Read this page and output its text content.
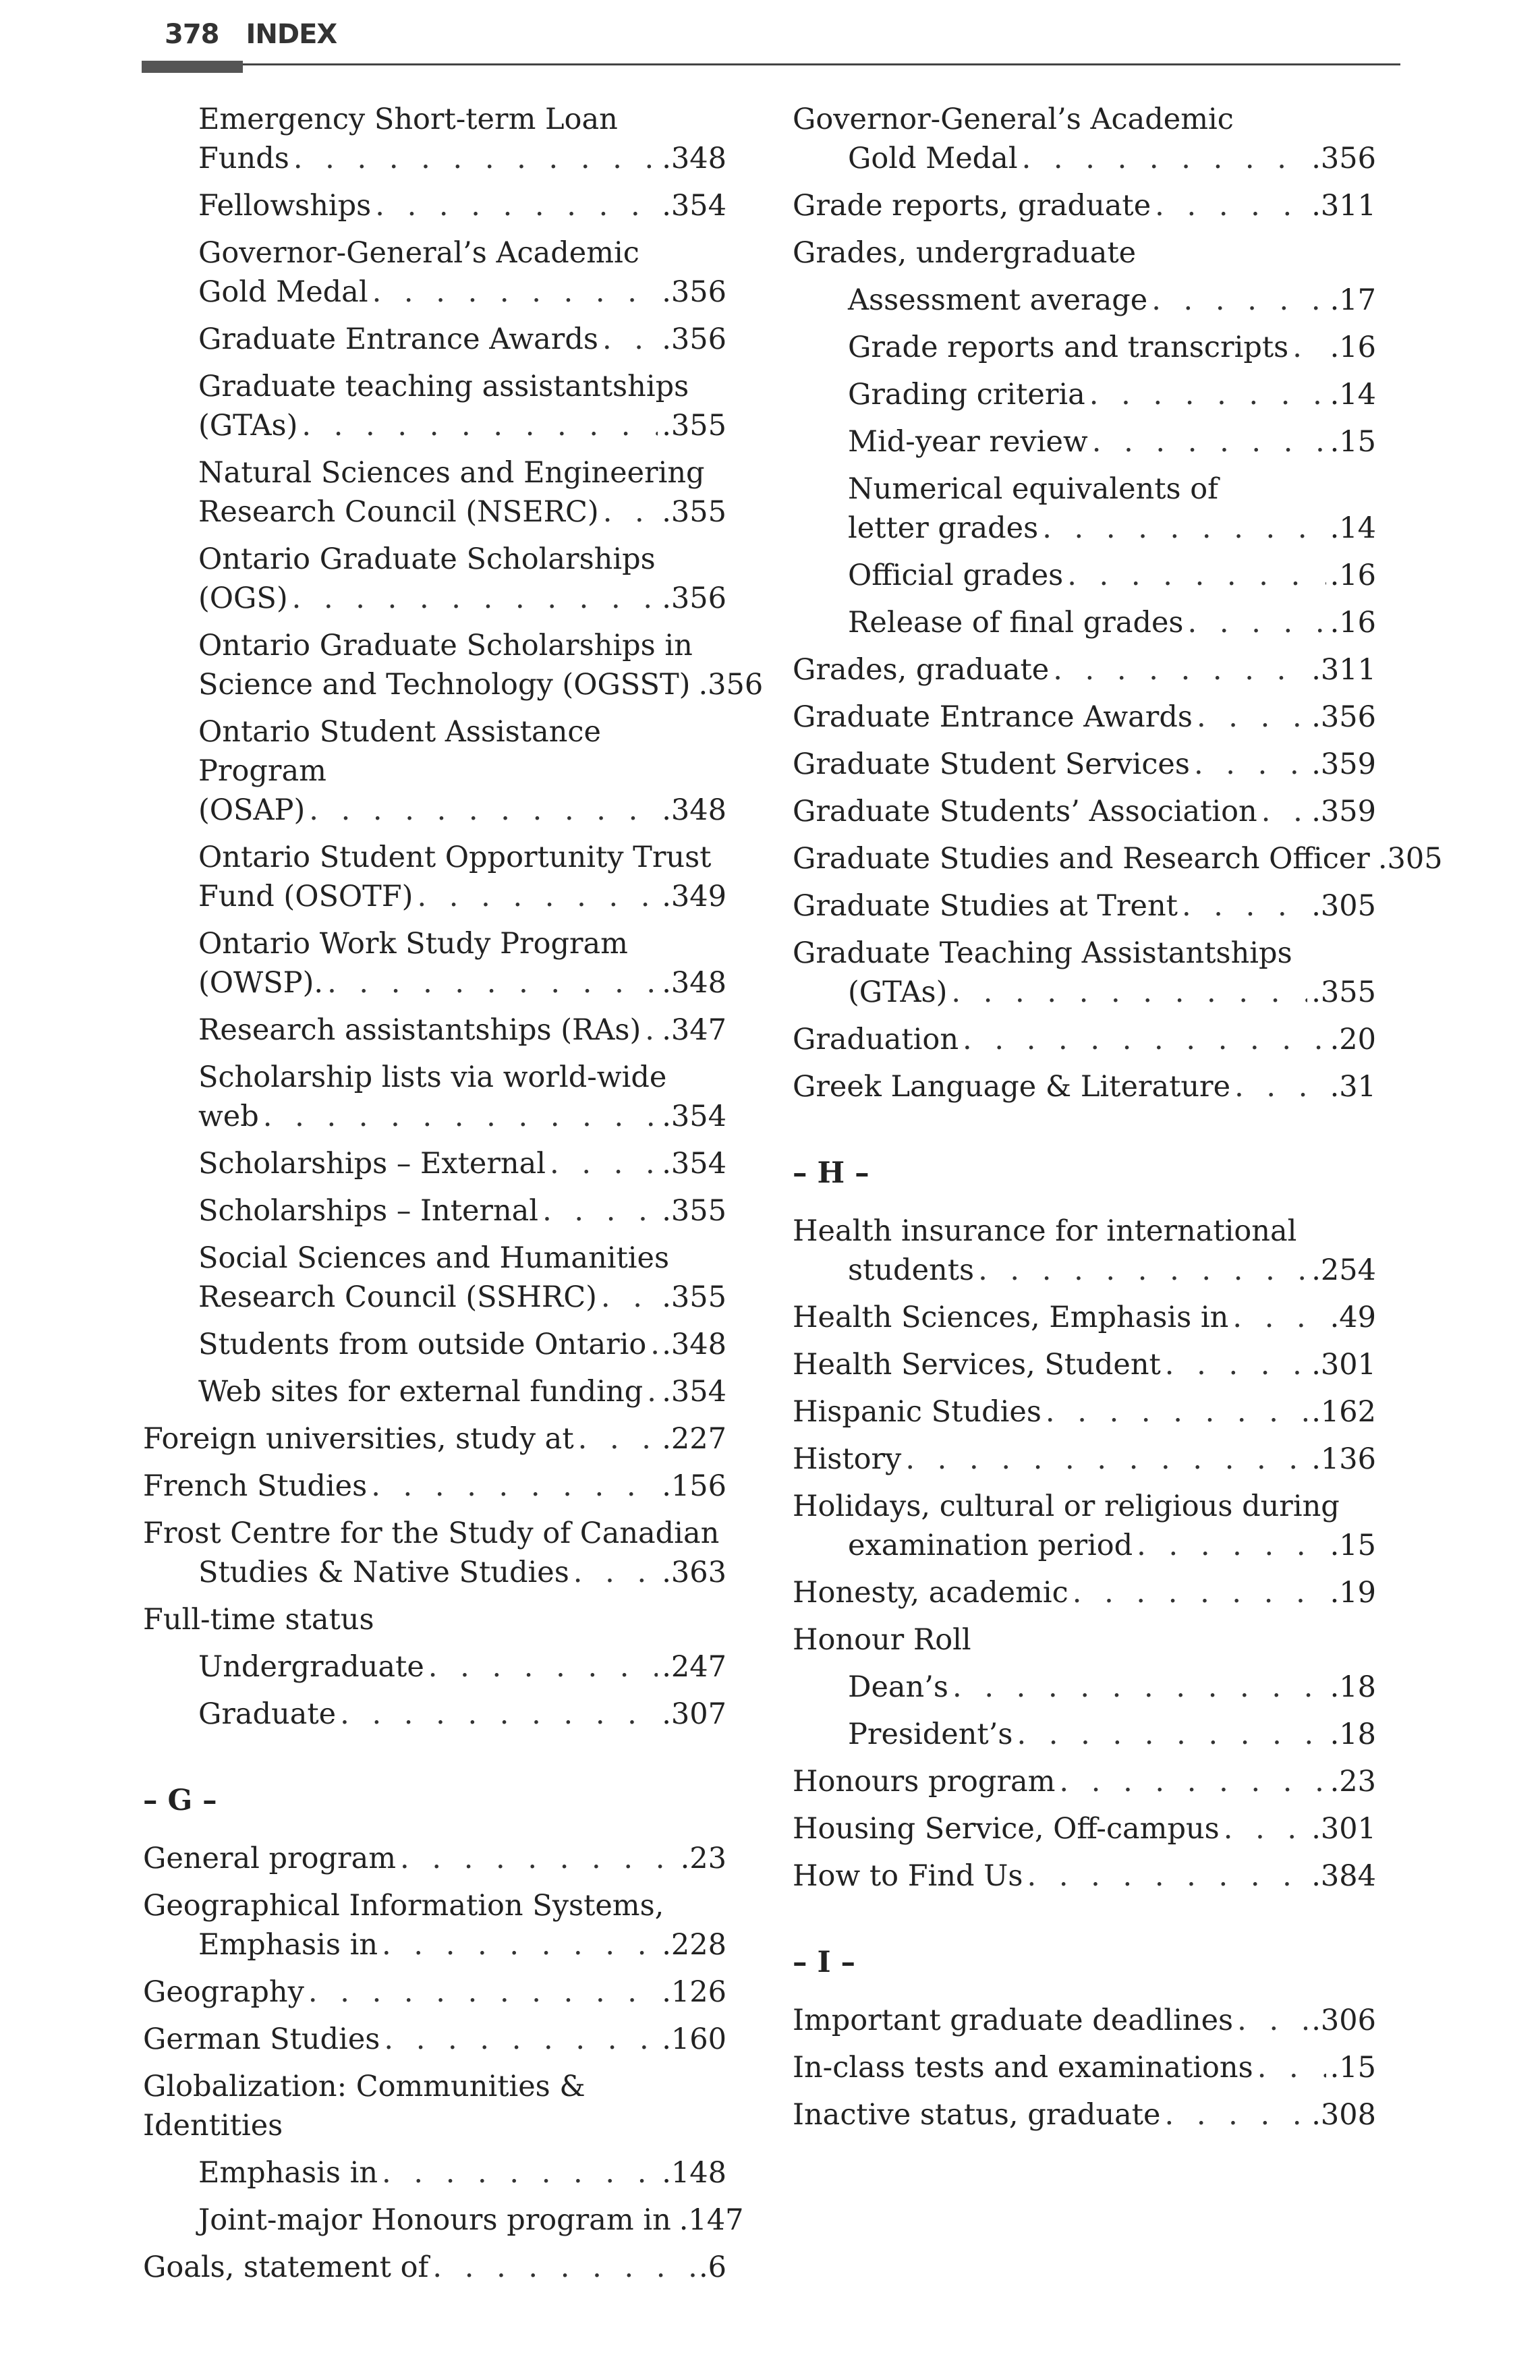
378 INDEX
Emergency Short-term Loan
Funds . . .	.348
Fellowships . . .	.354
Governor-General’s Academic
Gold Medal . . .	.356
Graduate Entrance Awards . . . .356
Graduate teaching assistantships
(GTAs) . . .	.355
Natural Sciences and Engineering
Research Council (NSERC) . . . .355
Ontario Graduate Scholarships
(OGS) . . .	.356
Ontario Graduate Scholarships in
Science and Technology (OGSST) .356
Ontario Student Assistance Program
(OSAP) . . .	.348
Ontario Student Opportunity Trust
Fund (OSOTF) . . .	.349
Ontario Work Study Program
(OWSP). . . .	.348
Research assistantships (RAs) . . . .347
Scholarship lists via world-wide
web . . .	.354
Scholarships – External . . .	.354
Scholarships – Internal . . .	.355
Social Sciences and Humanities
Research Council (SSHRC) . . . .355
Students from outside Ontario . . . .348
Web sites for external funding . . . .354
Foreign universities, study at . . .	.227
French Studies . . .	.156
Frost Centre for the Study of Canadian
Studies & Native Studies . . .	.363
Full-time status
Undergraduate . . .	.247
Graduate . . .	.307
– G –
General program . . .	.23
Geographical Information Systems,
Emphasis in . . .	.228
Geography . . .	.126
German Studies . . .	.160
Globalization: Communities & Identities
Emphasis in . . .	.148
Joint-major Honours program in .147
Goals, statement of . . .	.6
Governor-General’s Academic
Gold Medal . . .	.356
Grade reports, graduate . . .	.311
Grades, undergraduate
Assessment average . . .	.17
Grade reports and transcripts . . . .16
Grading criteria . . .	.14
Mid-year review . . .	.15
Numerical equivalents of
letter grades . . .	.14
Official grades . . .	.16
Release of final grades . . .	.16
Grades, graduate . . .	.311
Graduate Entrance Awards . . .	.356
Graduate Student Services . . .	.359
Graduate Students’ Association . . . .359
Graduate Studies and Research Officer .305
Graduate Studies at Trent . . .	.305
Graduate Teaching Assistantships
(GTAs) . . .	.355
Graduation . . .	.20
Greek Language & Literature . . .	.31
– H –
Health insurance for international
students . . .	.254
Health Sciences, Emphasis in . . .	.49
Health Services, Student . . .	.301
Hispanic Studies . . .	.162
History . . .	.136
Holidays, cultural or religious during
examination period . . .	.15
Honesty, academic . . .	.19
Honour Roll
Dean’s . . .	.18
President’s . . .	.18
Honours program . . .	.23
Housing Service, Off-campus . . .	.301
How to Find Us . . .	.384
– I –
Important graduate deadlines . . .	.306
In-class tests and examinations . . .	.15
Inactive status, graduate . . .	.308
